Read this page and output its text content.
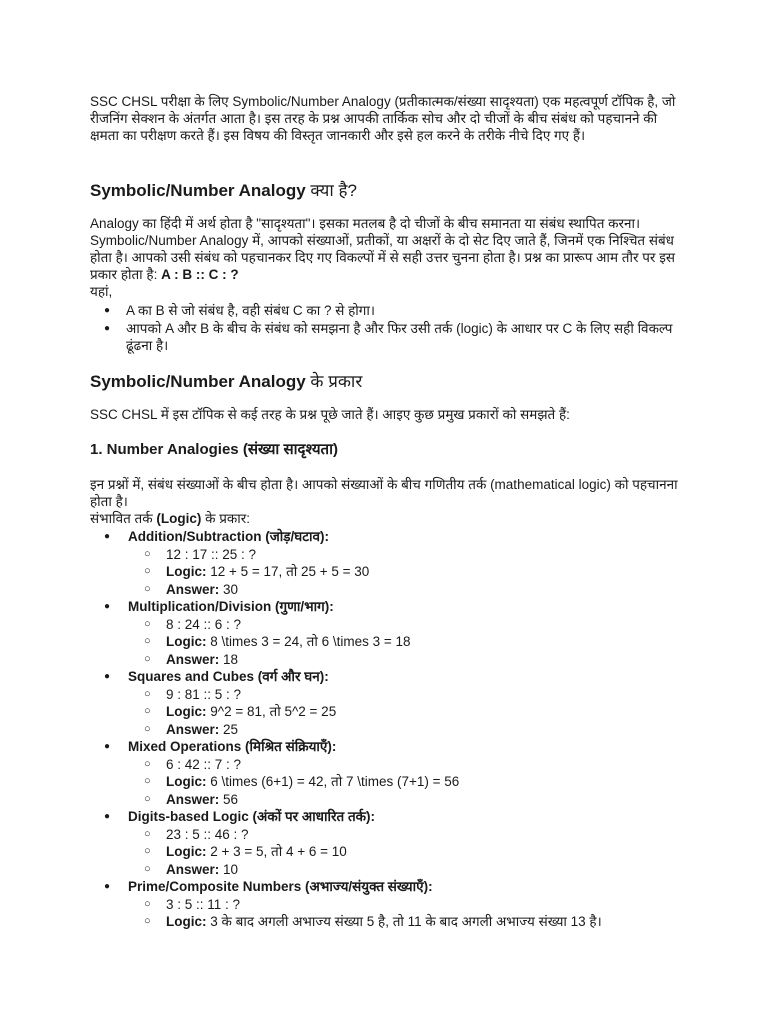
SSC CHSL परीक्षा के लिए Symbolic/Number Analogy (प्रतीकात्मक/संख्या सादृश्यता) एक महत्वपूर्ण टॉपिक है, जो रीजनिंग सेक्शन के अंतर्गत आता है। इस तरह के प्रश्न आपकी तार्किक सोच और दो चीजों के बीच संबंध को पहचानने की क्षमता का परीक्षण करते हैं। इस विषय की विस्तृत जानकारी और इसे हल करने के तरीके नीचे दिए गए हैं।

Symbolic/Number Analogy क्या है?

Analogy का हिंदी में अर्थ होता है "सादृश्यता"। इसका मतलब है दो चीजों के बीच समानता या संबंध स्थापित करना। Symbolic/Number Analogy में, आपको संख्याओं, प्रतीकों, या अक्षरों के दो सेट दिए जाते हैं, जिनमें एक निश्चित संबंध होता है। आपको उसी संबंध को पहचानकर दिए गए विकल्पों में से सही उत्तर चुनना होता है। प्रश्न का प्रारूप आम तौर पर इस प्रकार होता है: A : B :: C : ?
यहां,

● A का B से जो संबंध है, वही संबंध C का ? से होगा।
● आपको A और B के बीच के संबंध को समझना है और फिर उसी तर्क (logic) के आधार पर C के लिए सही विकल्प ढूंढना है।
Symbolic/Number Analogy के प्रकार

SSC CHSL में इस टॉपिक से कई तरह के प्रश्न पूछे जाते हैं। आइए कुछ प्रमुख प्रकारों को समझते हैं:

1. Number Analogies (संख्या सादृश्यता)

इन प्रश्नों में, संबंध संख्याओं के बीच होता है। आपको संख्याओं के बीच गणितीय तर्क (mathematical logic) को पहचानना होता है।
संभावित तर्क (Logic) के प्रकार:

● Addition/Subtraction (जोड़/घटाव):
○ 12 : 17 :: 25 : ?
○ Logic: 12 + 5 = 17, तो 25 + 5 = 30
○ Answer: 30
● Multiplication/Division (गुणा/भाग):
○ 8 : 24 :: 6 : ?
○ Logic: 8 \times 3 = 24, तो 6 \times 3 = 18
○ Answer: 18
● Squares and Cubes (वर्ग और घन):
○ 9 : 81 :: 5 : ?
○ Logic: 9^2 = 81, तो 5^2 = 25
○ Answer: 25
● Mixed Operations (मिश्रित संक्रियाएँ):
○ 6 : 42 :: 7 : ?
○ Logic: 6 \times (6+1) = 42, तो 7 \times (7+1) = 56
○ Answer: 56
● Digits-based Logic (अंकों पर आधारित तर्क):
○ 23 : 5 :: 46 : ?
○ Logic: 2 + 3 = 5, तो 4 + 6 = 10
○ Answer: 10
● Prime/Composite Numbers (अभाज्य/संयुक्त संख्याएँ):
○ 3 : 5 :: 11 : ?
○ Logic: 3 के बाद अगली अभाज्य संख्या 5 है, तो 11 के बाद अगली अभाज्य संख्या 13 है।
